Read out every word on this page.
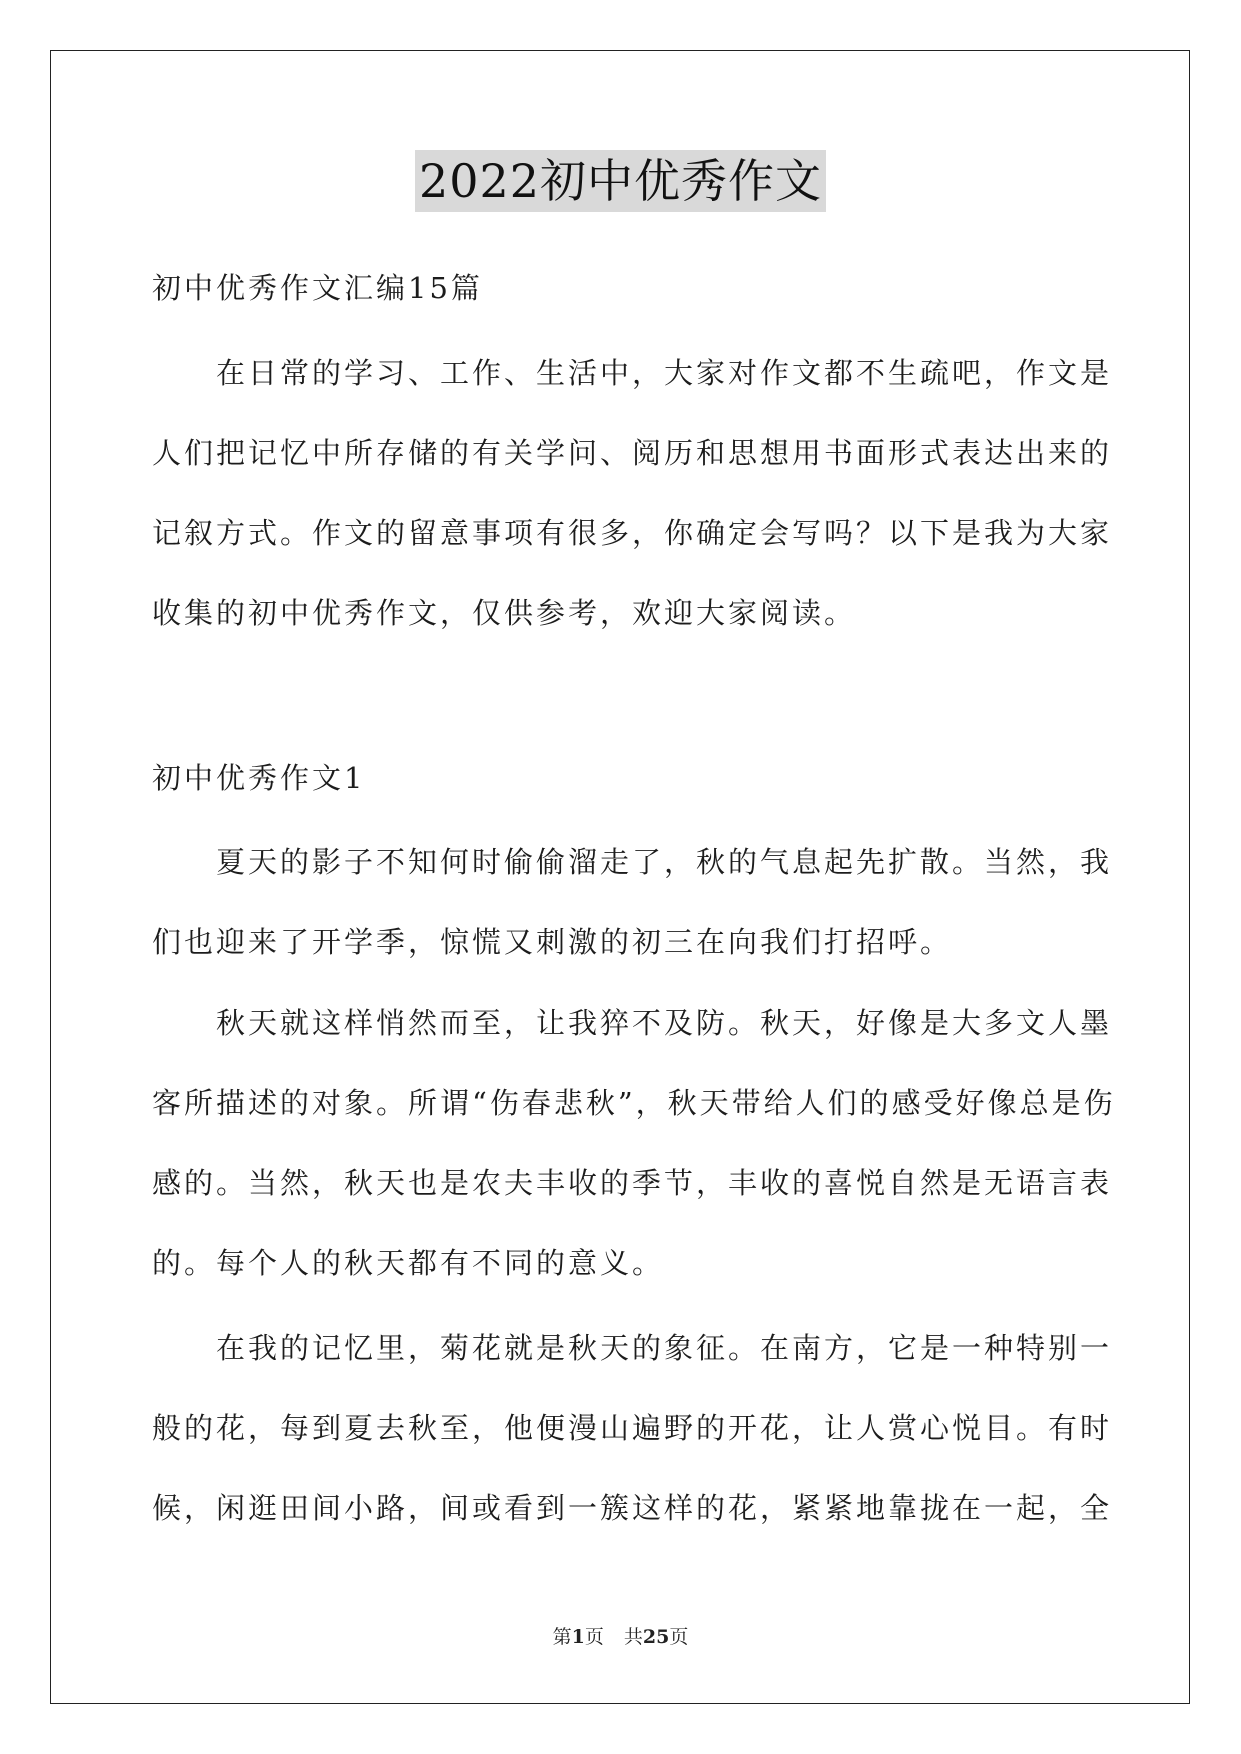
2022初中优秀作文
初中优秀作文汇编15篇
在日常的学习、工作、生活中，大家对作文都不生疏吧，作文是
人们把记忆中所存储的有关学问、阅历和思想用书面形式表达出来的
记叙方式。作文的留意事项有很多，你确定会写吗？以下是我为大家
收集的初中优秀作文，仅供参考，欢迎大家阅读。
初中优秀作文1
夏天的影子不知何时偷偷溜走了，秋的气息起先扩散。当然，我
们也迎来了开学季，惊慌又刺激的初三在向我们打招呼。
秋天就这样悄然而至，让我猝不及防。秋天，好像是大多文人墨
客所描述的对象。所谓“伤春悲秋”，秋天带给人们的感受好像总是伤
感的。当然，秋天也是农夫丰收的季节，丰收的喜悦自然是无语言表
的。每个人的秋天都有不同的意义。
在我的记忆里，菊花就是秋天的象征。在南方，它是一种特别一
般的花，每到夏去秋至，他便漫山遍野的开花，让人赏心悦目。有时
候，闲逛田间小路，间或看到一簇这样的花，紧紧地靠拢在一起，全
第1页 共25页
